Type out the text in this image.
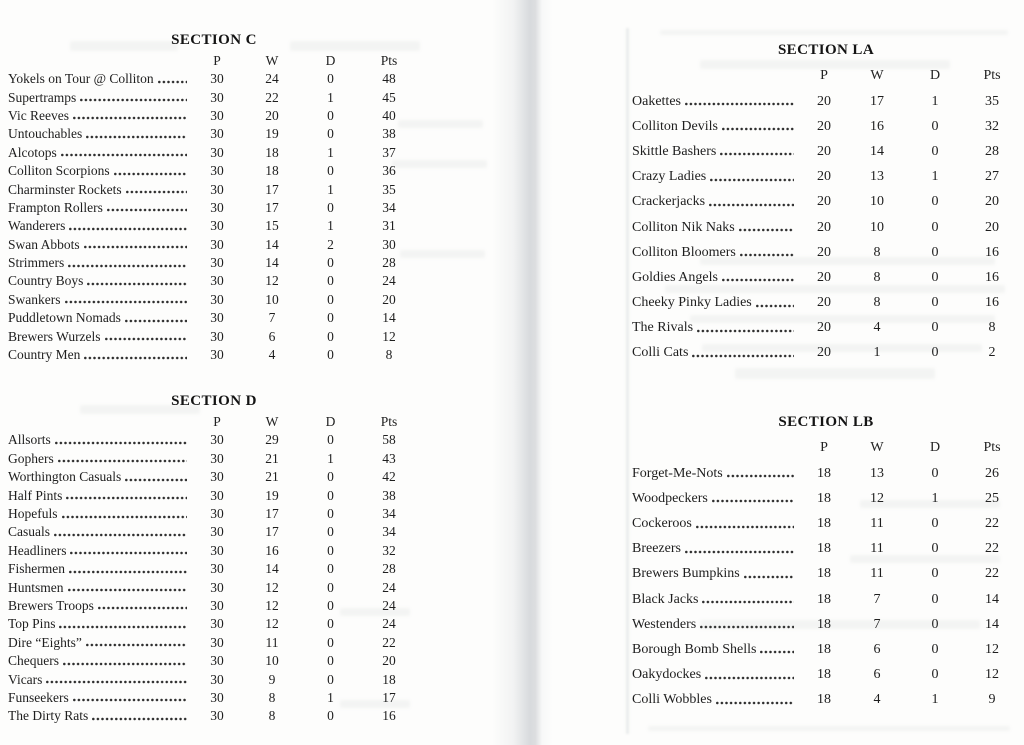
SECTION C
P	W	D	Pts
Yokels on Tour @ Colliton	30	24	0	48
Supertramps	30	22	1	45
Vic Reeves	30	20	0	40
Untouchables	30	19	0	38
Alcotops	30	18	1	37
Colliton Scorpions	30	18	0	36
Charminster Rockets	30	17	1	35
Frampton Rollers	30	17	0	34
Wanderers	30	15	1	31
Swan Abbots	30	14	2	30
Strimmers	30	14	0	28
Country Boys	30	12	0	24
Swankers	30	10	0	20
Puddletown Nomads	30	7	0	14
Brewers Wurzels	30	6	0	12
Country Men	30	4	0	8
SECTION D
P	W	D	Pts
Allsorts	30	29	0	58
Gophers	30	21	1	43
Worthington Casuals	30	21	0	42
Half Pints	30	19	0	38
Hopefuls	30	17	0	34
Casuals	30	17	0	34
Headliners	30	16	0	32
Fishermen	30	14	0	28
Huntsmen	30	12	0	24
Brewers Troops	30	12	0	24
Top Pins	30	12	0	24
Dire “Eights”	30	11	0	22
Chequers	30	10	0	20
Vicars	30	9	0	18
Funseekers	30	8	1	17
The Dirty Rats	30	8	0	16
SECTION LA
P	W	D	Pts
Oakettes	20	17	1	35
Colliton Devils	20	16	0	32
Skittle Bashers	20	14	0	28
Crazy Ladies	20	13	1	27
Crackerjacks	20	10	0	20
Colliton Nik Naks	20	10	0	20
Colliton Bloomers	20	8	0	16
Goldies Angels	20	8	0	16
Cheeky Pinky Ladies	20	8	0	16
The Rivals	20	4	0	8
Colli Cats	20	1	0	2
SECTION LB
P	W	D	Pts
Forget-Me-Nots	18	13	0	26
Woodpeckers	18	12	1	25
Cockeroos	18	11	0	22
Breezers	18	11	0	22
Brewers Bumpkins	18	11	0	22
Black Jacks	18	7	0	14
Westenders	18	7	0	14
Borough Bomb Shells	18	6	0	12
Oakydockes	18	6	0	12
Colli Wobbles	18	4	1	9
